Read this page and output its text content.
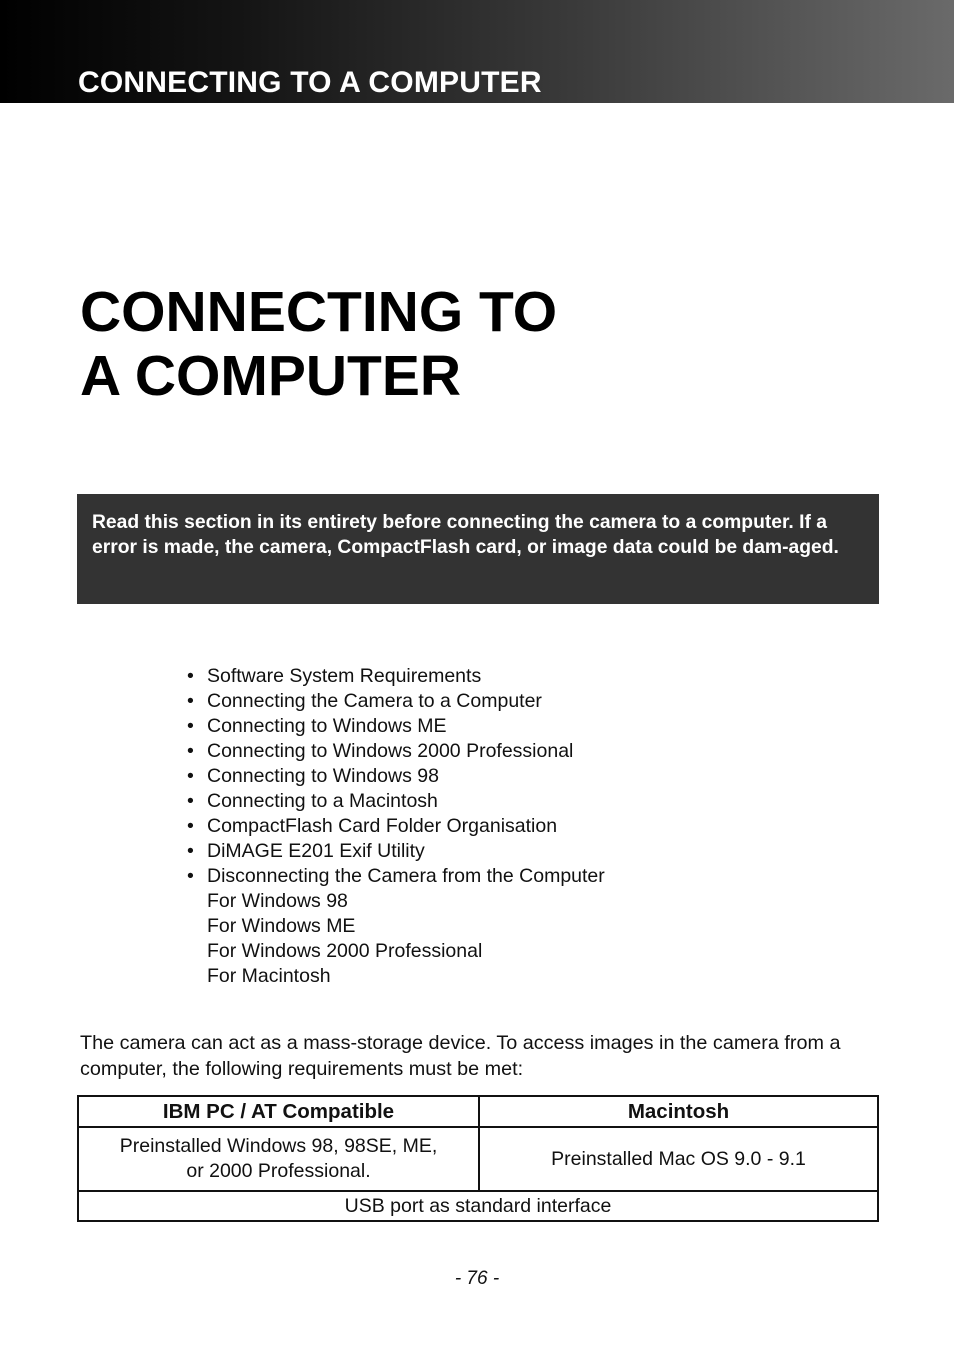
CONNECTING TO A COMPUTER
CONNECTING TO
A COMPUTER

Read this section in its entirety before connecting the camera to a computer. If a error is made, the camera, CompactFlash card, or image data could be dam-aged.

• Software System Requirements
• Connecting the Camera to a Computer
• Connecting to Windows ME
• Connecting to Windows 2000 Professional
• Connecting to Windows 98
• Connecting to a Macintosh
• CompactFlash Card Folder Organisation
• DiMAGE E201 Exif Utility
• Disconnecting the Camera from the Computer
For Windows 98
For Windows ME
For Windows 2000 Professional
For Macintosh

The camera can act as a mass-storage device. To access images in the camera from a computer, the following requirements must be met:

IBM PC / AT Compatible	Macintosh

Preinstalled Windows 98, 98SE, ME,
or 2000 Professional.	Preinstalled Mac OS 9.0 - 9.1
USB port as standard interface	
- 76 -
